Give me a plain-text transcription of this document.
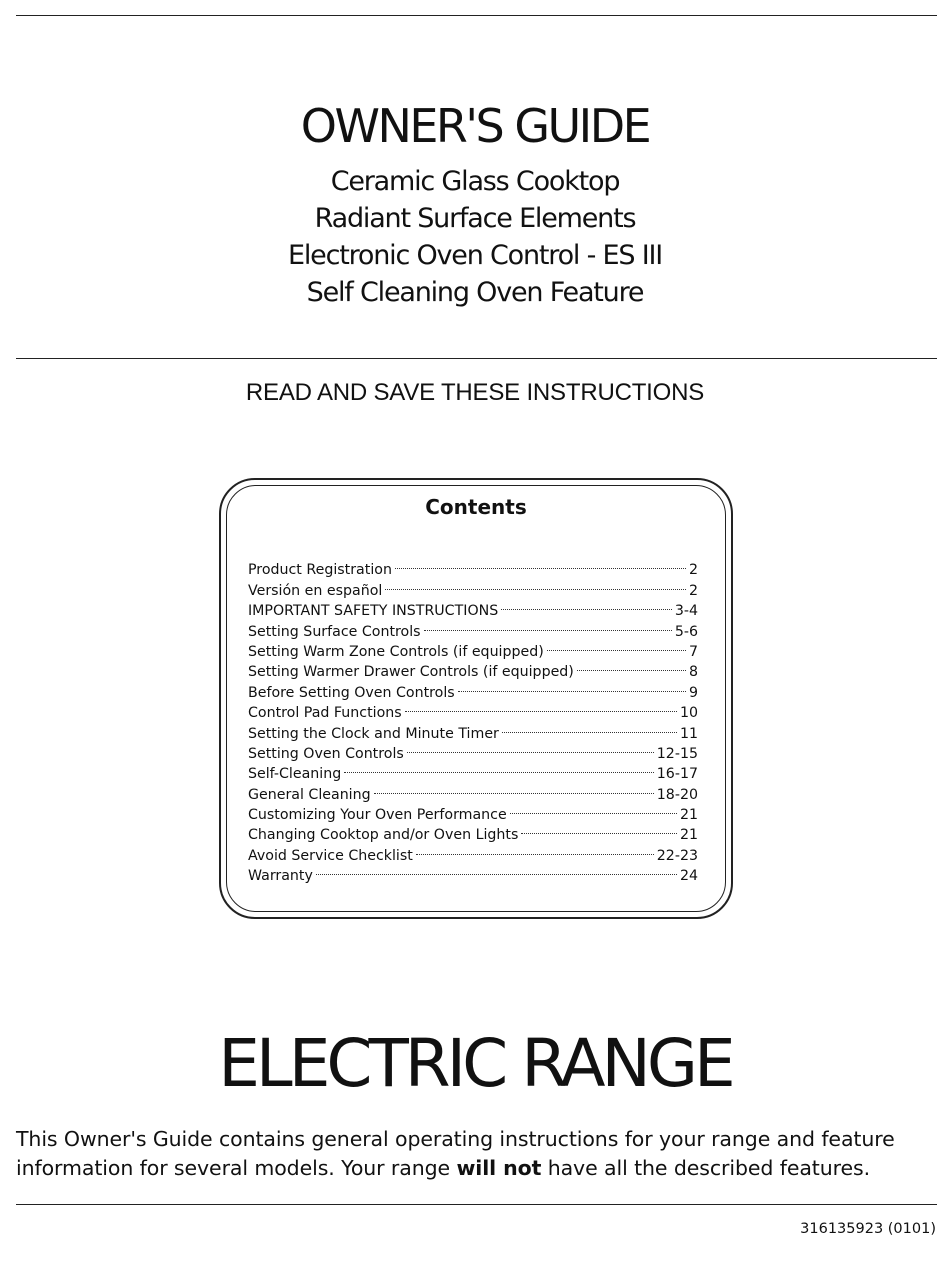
OWNER'S GUIDE
Ceramic Glass Cooktop
Radiant Surface Elements
Electronic Oven Control - ES III
Self Cleaning Oven Feature
READ AND SAVE THESE INSTRUCTIONS
Contents
Product Registration	2
Versión en español	2
IMPORTANT SAFETY INSTRUCTIONS	3-4
Setting Surface Controls	5-6
Setting Warm Zone Controls (if equipped)	7
Setting Warmer Drawer Controls (if equipped)	8
Before Setting Oven Controls	9
Control Pad Functions	10
Setting the Clock and Minute Timer	11
Setting Oven Controls	12-15
Self-Cleaning	16-17
General Cleaning	18-20
Customizing Your Oven Performance	21
Changing Cooktop and/or Oven Lights	21
Avoid Service Checklist	22-23
Warranty	24
ELECTRIC RANGE

This Owner's Guide contains general operating instructions for your range and feature information for several models. Your range will not have all the described features.

316135923 (0101)
